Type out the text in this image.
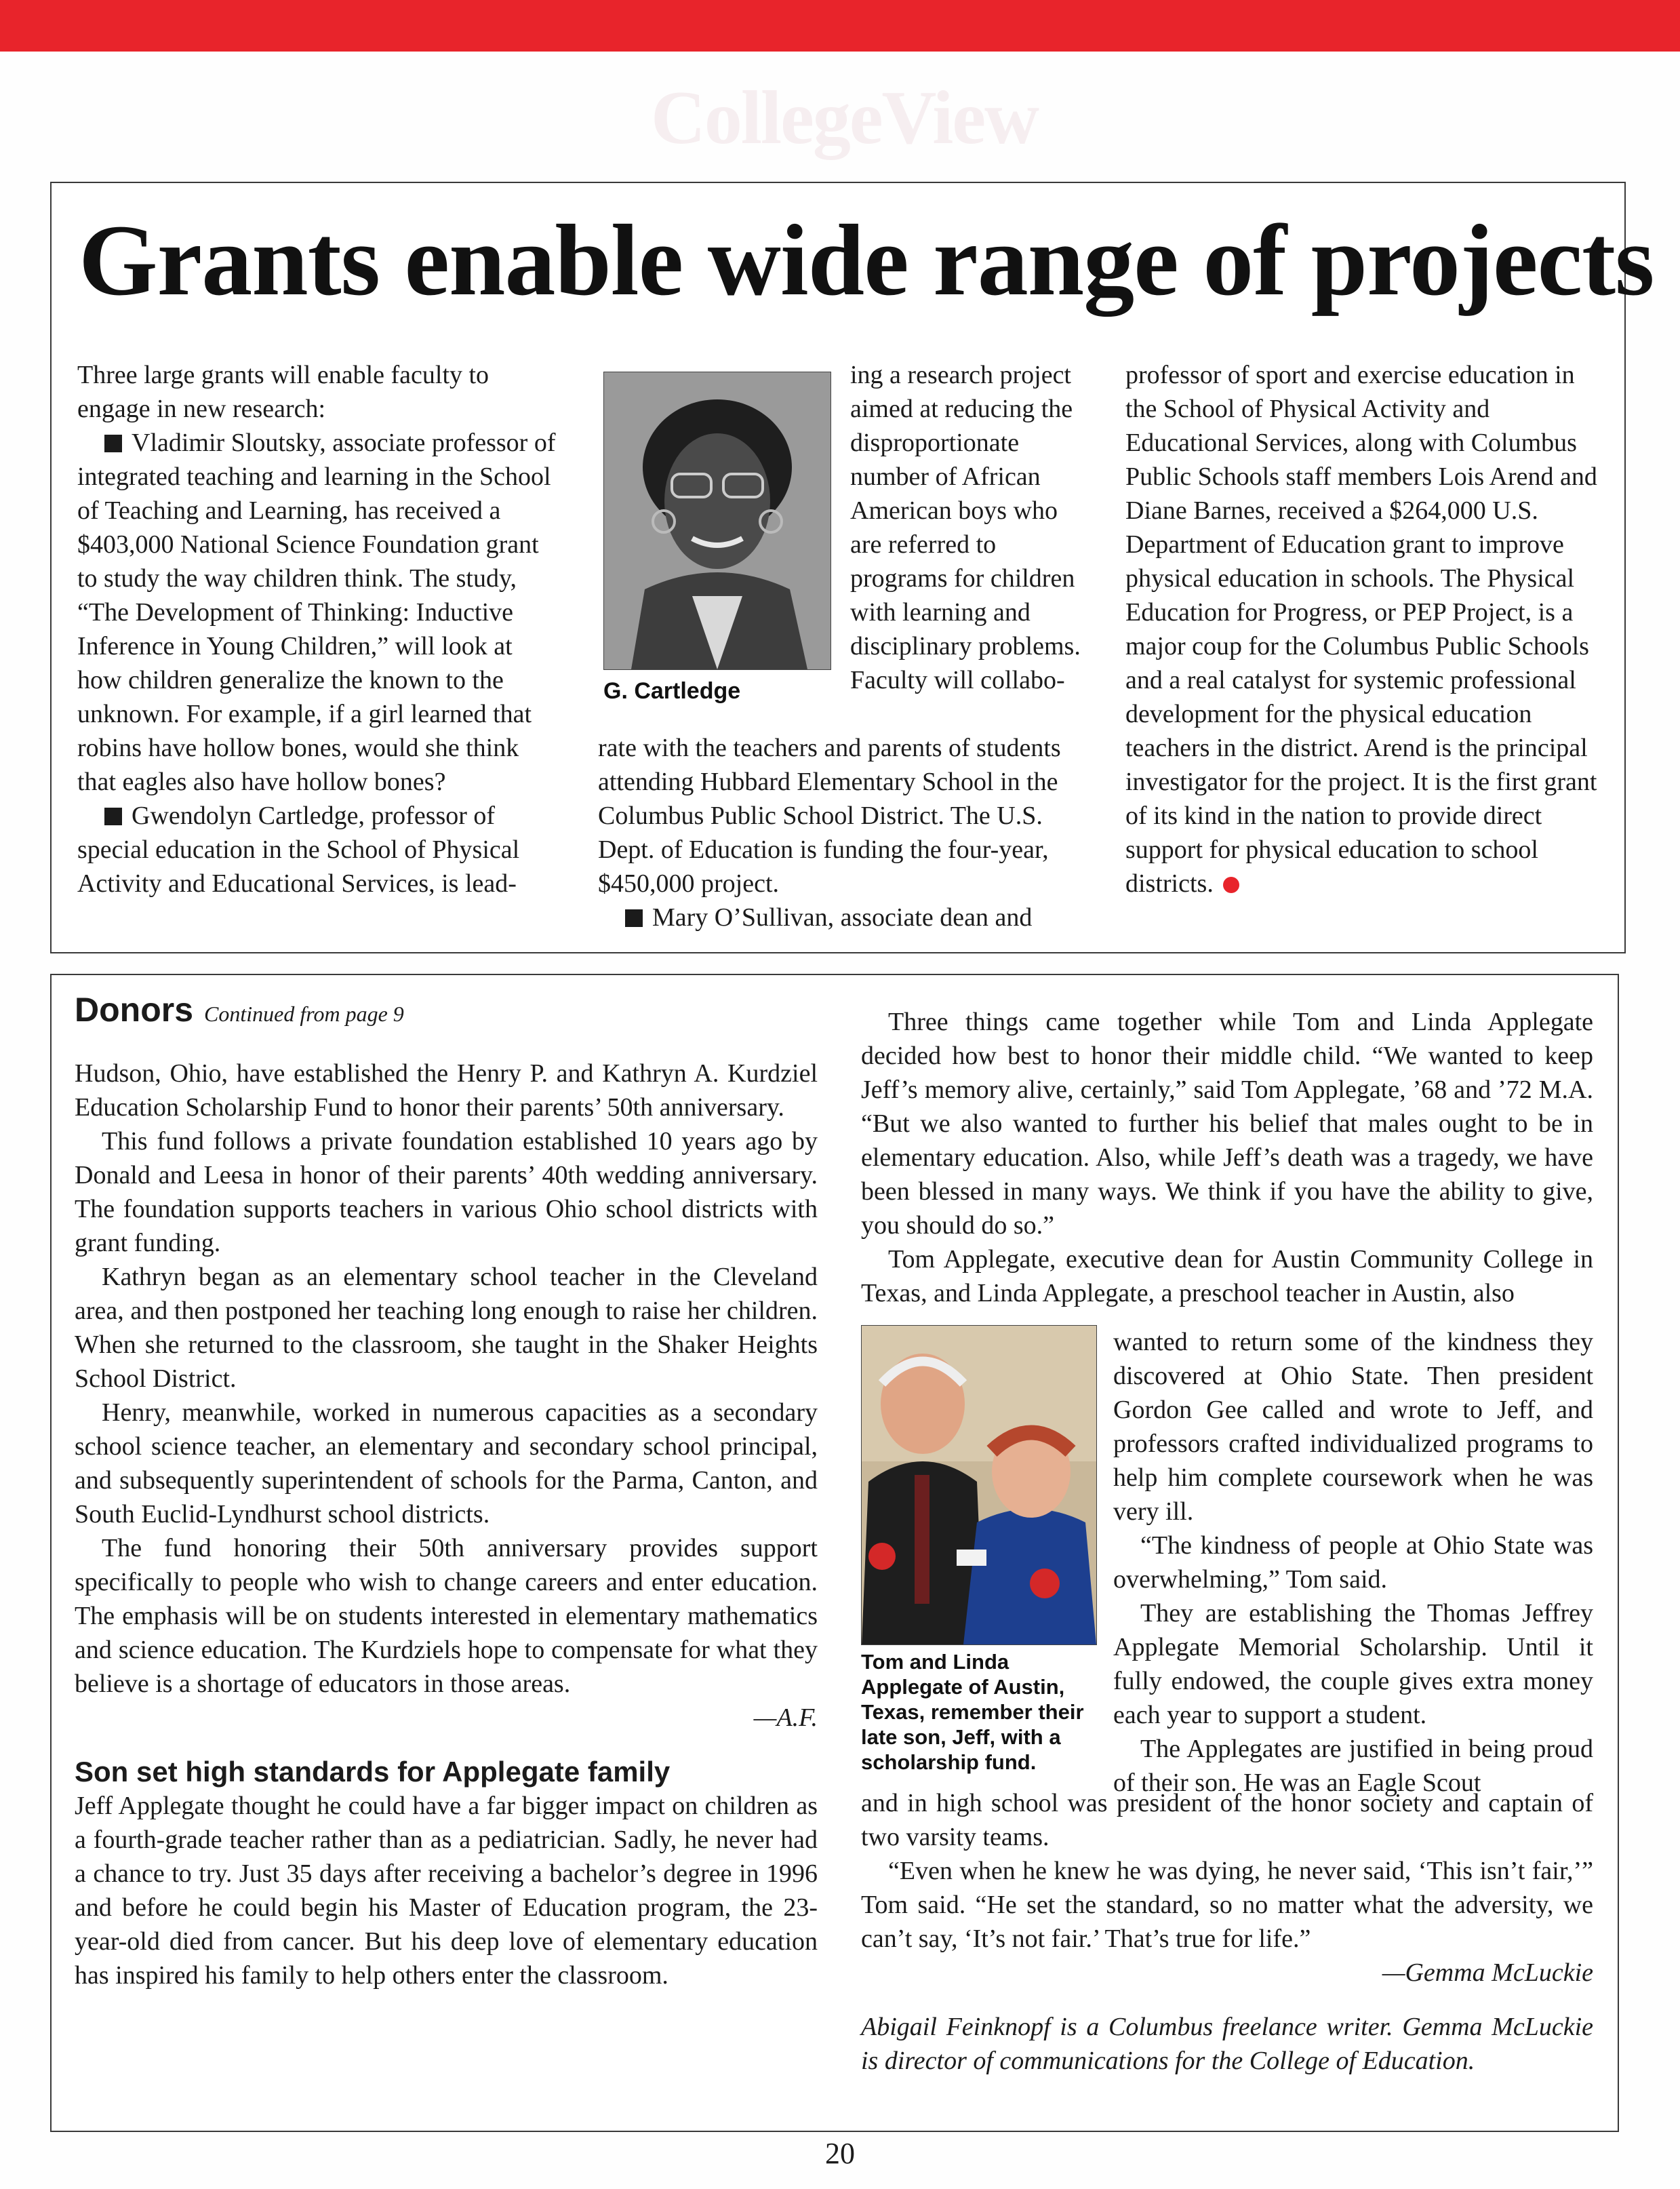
CollegeView
Grants enable wide range of projects

Three large grants will enable faculty to engage in new research:

Vladimir Sloutsky, associate professor of integrated teaching and learning in the School of Teaching and Learning, has received a $403,000 National Science Foundation grant to study the way children think. The study, “The Development of Thinking: Inductive Inference in Young Children,” will look at how children generalize the known to the unknown. For example, if a girl learned that robins have hollow bones, would she think that eagles also have hollow bones?

Gwendolyn Cartledge, professor of special education in the School of Physical Activity and Educational Services, is lead-

G. Cartledge

ing a research project aimed at reducing the disproportionate number of African American boys who are referred to programs for children with learning and disciplinary problems. Faculty will collabo-

rate with the teachers and parents of students attending Hubbard Elementary School in the Columbus Public School District. The U.S. Dept. of Education is funding the four-year, $450,000 project.

Mary O’Sullivan, associate dean and

professor of sport and exercise education in the School of Physical Activity and Educational Services, along with Columbus Public Schools staff members Lois Arend and Diane Barnes, received a $264,000 U.S. Department of Education grant to improve physical education in schools. The Physical Education for Progress, or PEP Project, is a major coup for the Columbus Public Schools and a real catalyst for systemic professional development for the physical education teachers in the district. Arend is the principal investigator for the project. It is the first grant of its kind in the nation to provide direct support for physical education to school districts.

Donors Continued from page 9

Hudson, Ohio, have established the Henry P. and Kathryn A. Kurdziel Education Scholarship Fund to honor their parents’ 50th anniversary.

This fund follows a private foundation established 10 years ago by Donald and Leesa in honor of their parents’ 40th wedding anniversary. The foundation supports teachers in various Ohio school districts with grant funding.

Kathryn began as an elementary school teacher in the Cleveland area, and then postponed her teaching long enough to raise her children. When she returned to the classroom, she taught in the Shaker Heights School District.

Henry, meanwhile, worked in numerous capacities as a secondary school science teacher, an elementary and secondary school principal, and subsequently superintendent of schools for the Parma, Canton, and South Euclid-Lyndhurst school districts.

The fund honoring their 50th anniversary provides support specifically to people who wish to change careers and enter education. The emphasis will be on students interested in elementary mathematics and science education. The Kurdziels hope to compensate for what they believe is a shortage of educators in those areas.

—A.F.

Son set high standards for Applegate family

Jeff Applegate thought he could have a far bigger impact on children as a fourth-grade teacher rather than as a pediatrician. Sadly, he never had a chance to try. Just 35 days after receiving a bachelor’s degree in 1996 and before he could begin his Master of Education program, the 23-year-old died from cancer. But his deep love of elementary education has inspired his family to help others enter the classroom.

Three things came together while Tom and Linda Applegate decided how best to honor their middle child. “We wanted to keep Jeff’s memory alive, certainly,” said Tom Applegate, ’68 and ’72 M.A. “But we also wanted to further his belief that males ought to be in elementary education. Also, while Jeff’s death was a tragedy, we have been blessed in many ways. We think if you have the ability to give, you should do so.”

Tom Applegate, executive dean for Austin Community College in Texas, and Linda Applegate, a preschool teacher in Austin, also

Tom and Linda Applegate of Austin, Texas, remember their late son, Jeff, with a scholarship fund.

wanted to return some of the kindness they discovered at Ohio State. Then president Gordon Gee called and wrote to Jeff, and professors crafted individualized programs to help him complete coursework when he was very ill.

“The kindness of people at Ohio State was overwhelming,” Tom said.

They are establishing the Thomas Jeffrey Applegate Memorial Scholarship. Until it fully endowed, the couple gives extra money each year to support a student.

The Applegates are justified in being proud of their son. He was an Eagle Scout

and in high school was president of the honor society and captain of two varsity teams.

“Even when he knew he was dying, he never said, ‘This isn’t fair,’” Tom said. “He set the standard, so no matter what the adversity, we can’t say, ‘It’s not fair.’ That’s true for life.”

—Gemma McLuckie

Abigail Feinknopf is a Columbus freelance writer. Gemma McLuckie is director of communications for the College of Education.

20
